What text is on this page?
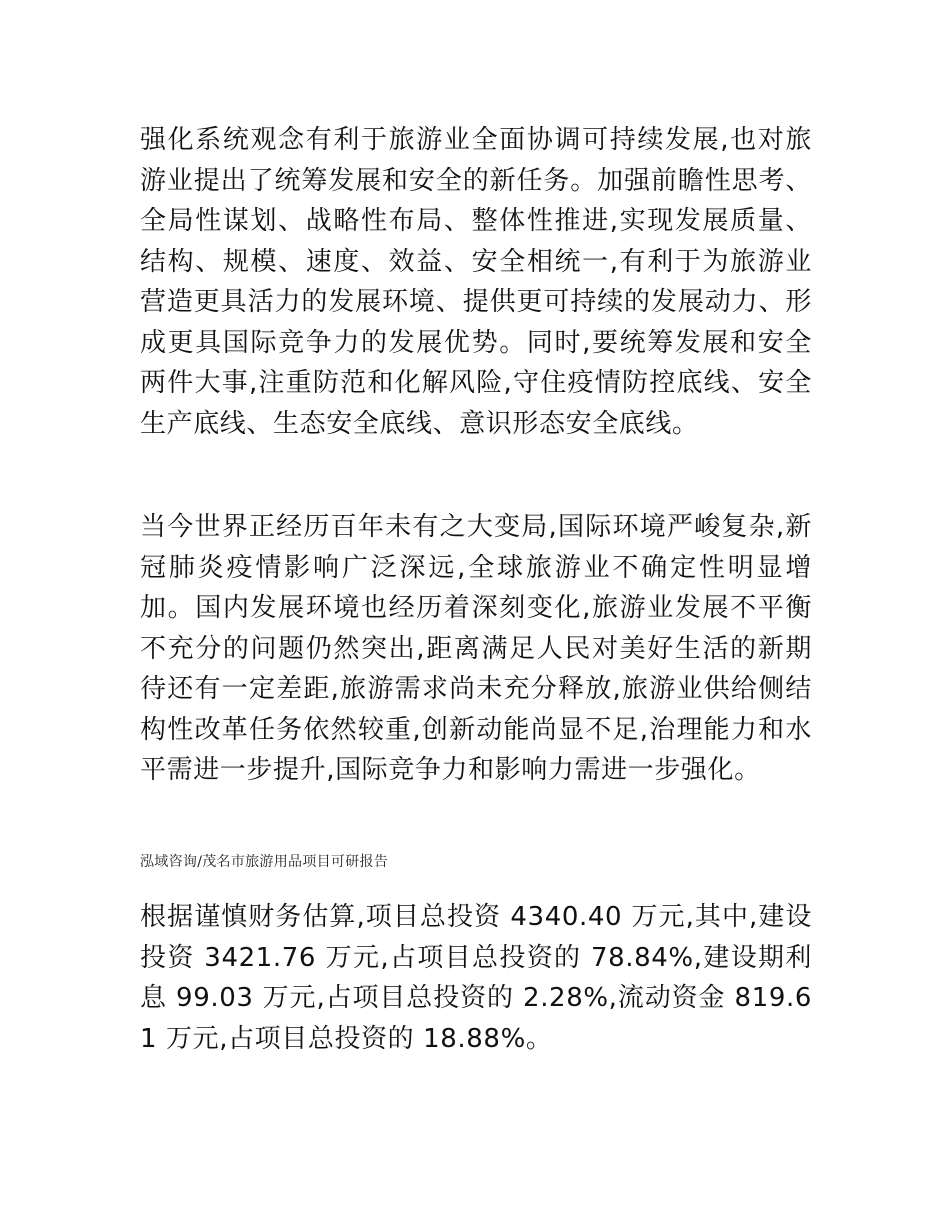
强化系统观念有利于旅游业全面协调可持续发展,也对旅游业提出了统筹发展和安全的新任务。加强前瞻性思考、全局性谋划、战略性布局、整体性推进,实现发展质量、结构、规模、速度、效益、安全相统一,有利于为旅游业营造更具活力的发展环境、提供更可持续的发展动力、形成更具国际竞争力的发展优势。同时,要统筹发展和安全两件大事,注重防范和化解风险,守住疫情防控底线、安全生产底线、生态安全底线、意识形态安全底线。

当今世界正经历百年未有之大变局,国际环境严峻复杂,新冠肺炎疫情影响广泛深远,全球旅游业不确定性明显增加。国内发展环境也经历着深刻变化,旅游业发展不平衡不充分的问题仍然突出,距离满足人民对美好生活的新期待还有一定差距,旅游需求尚未充分释放,旅游业供给侧结构性改革任务依然较重,创新动能尚显不足,治理能力和水平需进一步提升,国际竞争力和影响力需进一步强化。

泓域咨询/茂名市旅游用品项目可研报告

根据谨慎财务估算,项目总投资 4340.40 万元,其中,建设投资 3421.76 万元,占项目总投资的 78.84%,建设期利息 99.03 万元,占项目总投资的 2.28%,流动资金 819.61 万元,占项目总投资的 18.88%。
